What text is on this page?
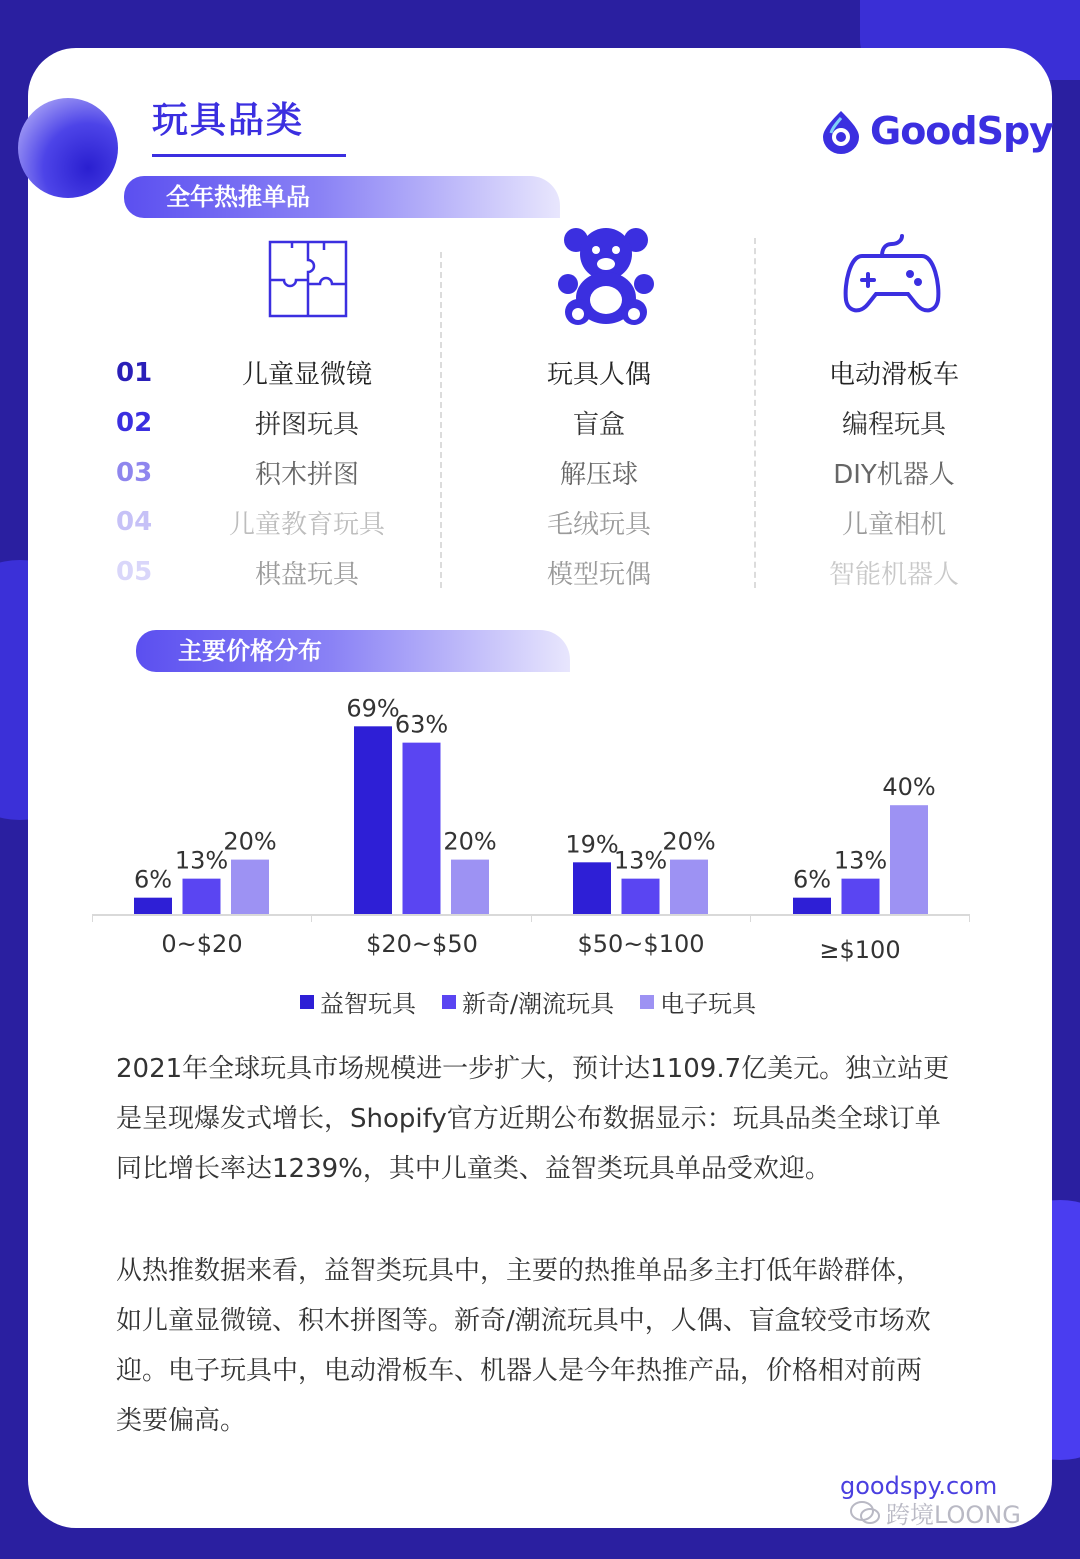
玩具品类	GoodSpy
全年热推单品
01
02
03
04
05
儿童显微镜
拼图玩具
积木拼图
儿童教育玩具
棋盘玩具
玩具人偶
盲盒
解压球
毛绒玩具
模型玩偶
电动滑板车
编程玩具
DIY机器人
儿童相机
智能机器人
主要价格分布
6%
69%
19%
6%
13%
63%
13%	13%
20%	20%	20%
40%
0~$20	$20~$50	$50~$100	≥$100
益智玩具 新奇/潮流玩具 电子玩具
2021年全球玩具市场规模进一步扩大，预计达1109.7亿美元。独立站更
是呈现爆发式增长，Shopify官方近期公布数据显示：玩具品类全球订单
同比增长率达1239%，其中儿童类、益智类玩具单品受欢迎。
从热推数据来看，益智类玩具中，主要的热推单品多主打低年龄群体，
如儿童显微镜、积木拼图等。新奇/潮流玩具中，人偶、盲盒较受市场欢
迎。电子玩具中，电动滑板车、机器人是今年热推产品，价格相对前两
类要偏高。
goodspy.com
跨境LOONG
